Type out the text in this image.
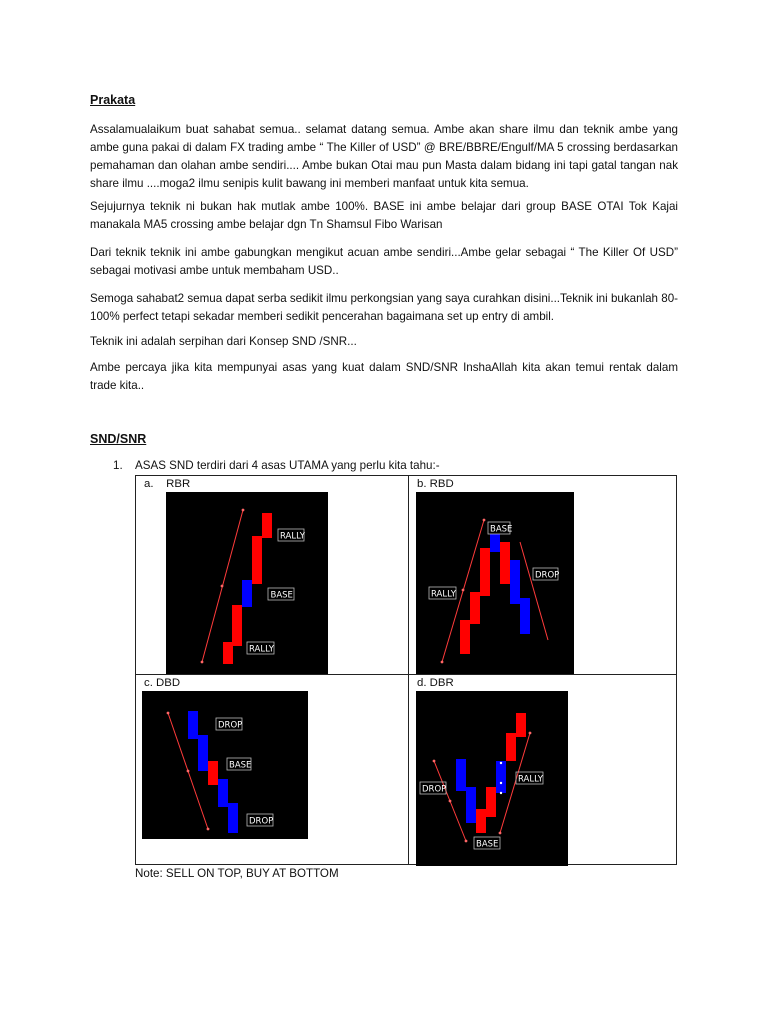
Prakata
Assalamualaikum buat sahabat semua.. selamat datang semua. Ambe akan share ilmu dan teknik ambe yang ambe guna pakai di dalam FX trading ambe “ The Killer of USD” @ BRE/BBRE/Engulf/MA 5 crossing berdasarkan pemahaman dan olahan ambe sendiri.... Ambe bukan Otai mau pun Masta dalam bidang ini tapi gatal tangan nak share ilmu ....moga2 ilmu senipis kulit bawang ini memberi manfaat untuk kita semua.
Sejujurnya teknik ni bukan hak mutlak ambe 100%. BASE ini ambe belajar dari group BASE OTAI Tok Kajai manakala MA5 crossing ambe belajar dgn Tn Shamsul Fibo Warisan
Dari teknik teknik ini ambe gabungkan mengikut acuan ambe sendiri...Ambe gelar sebagai “ The Killer Of USD” sebagai motivasi ambe untuk membaham USD..
Semoga sahabat2 semua dapat serba sedikit ilmu perkongsian yang saya curahkan disini...Teknik ini bukanlah 80-100% perfect tetapi sekadar memberi sedikit pencerahan bagaimana set up entry di ambil.
Teknik ini adalah serpihan dari Konsep SND /SNR...
Ambe percaya jika kita mempunyai asas yang kuat dalam SND/SNR InshaAllah kita akan temui rentak dalam trade kita..
SND/SNR
1. ASAS SND terdiri dari 4 asas UTAMA yang perlu kita tahu:-
a.    RBR
RALLY
BASE
RALLY
b. RBD
BASE
DROP
RALLY
c. DBD
DROP
BASE
DROP
d. DBR
DROP
RALLY
BASE
Note: SELL ON TOP, BUY AT BOTTOM
